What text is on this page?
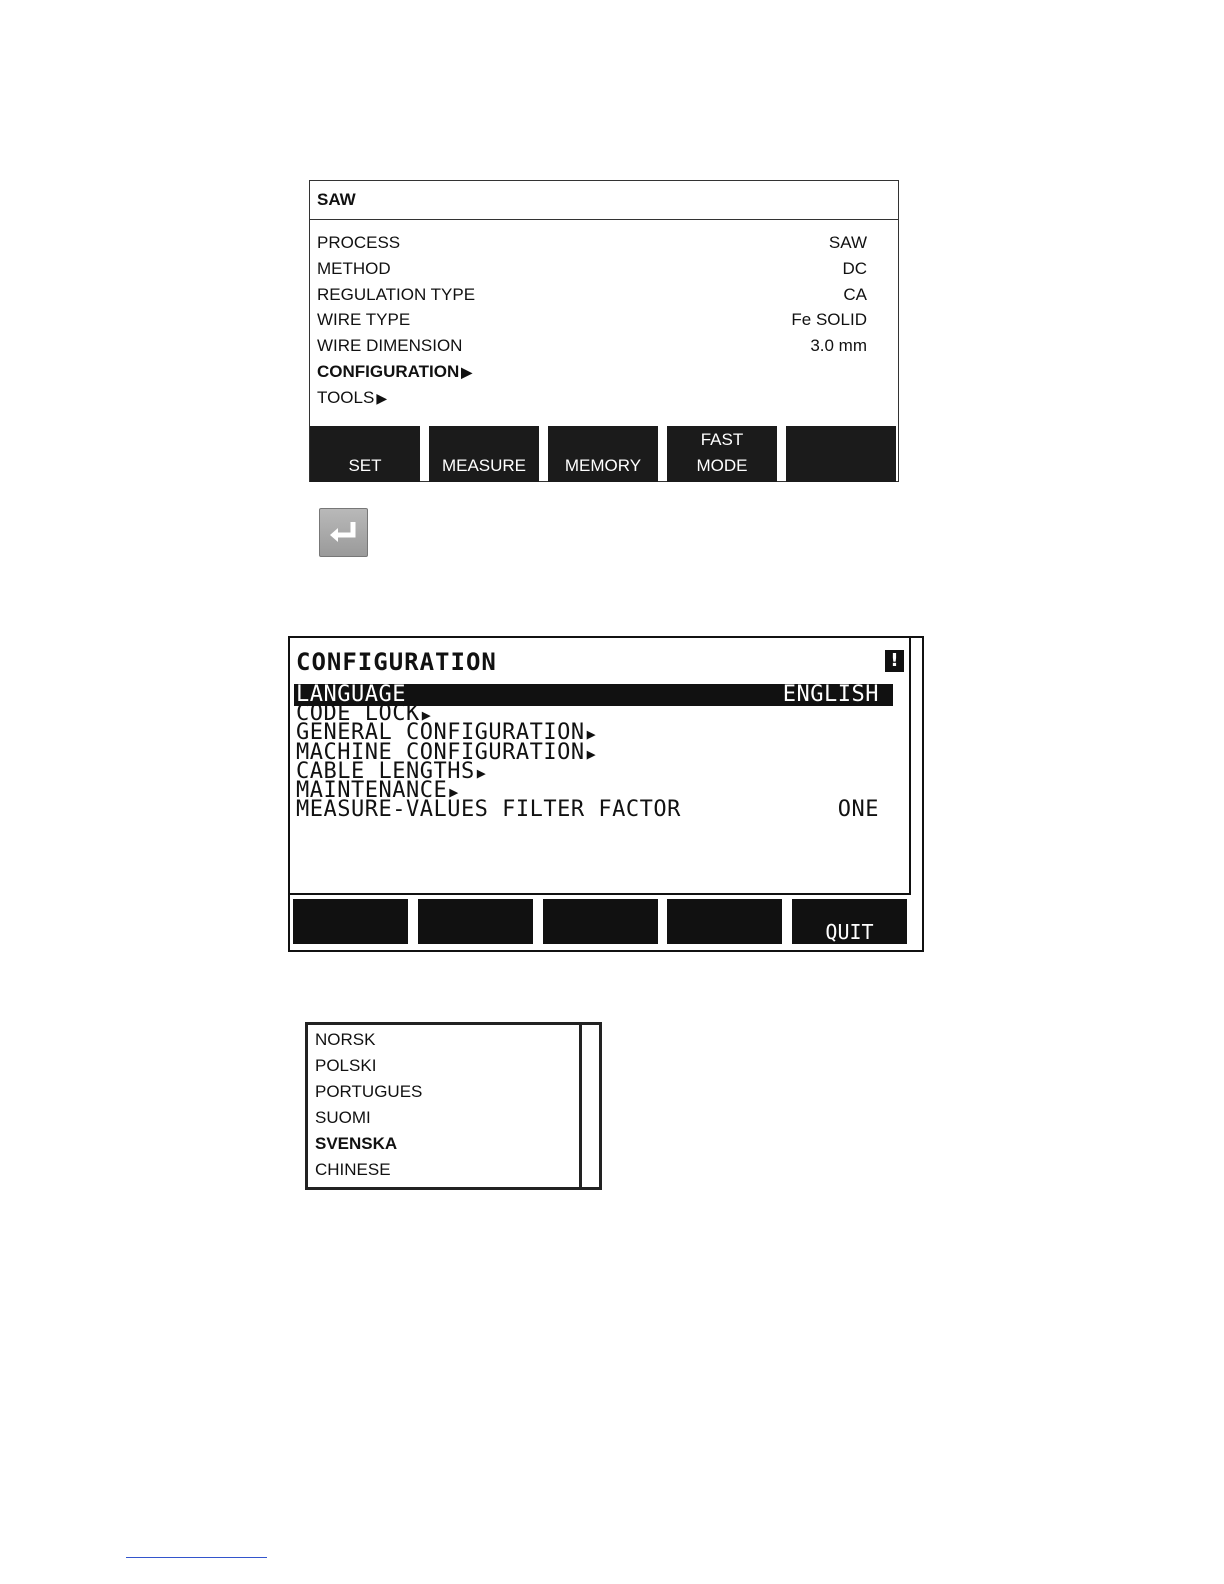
SAW
PROCESS	SAW
METHOD	DC
REGULATION TYPE	CA
WIRE TYPE	Fe SOLID
WIRE DIMENSION	3.0 mm
CONFIGURATION ▶
TOOLS ▶
SET	MEASURE	MEMORY
FAST
MODE
CONFIGURATION	!
LANGUAGE	ENGLISH
CODE LOCK ▶
GENERAL CONFIGURATION ▶
MACHINE CONFIGURATION ▶
CABLE LENGTHS ▶
MAINTENANCE ▶
MEASURE-VALUES FILTER FACTOR	ONE
QUIT
NORSK
POLSKI
PORTUGUES
SUOMI
SVENSKA
CHINESE
